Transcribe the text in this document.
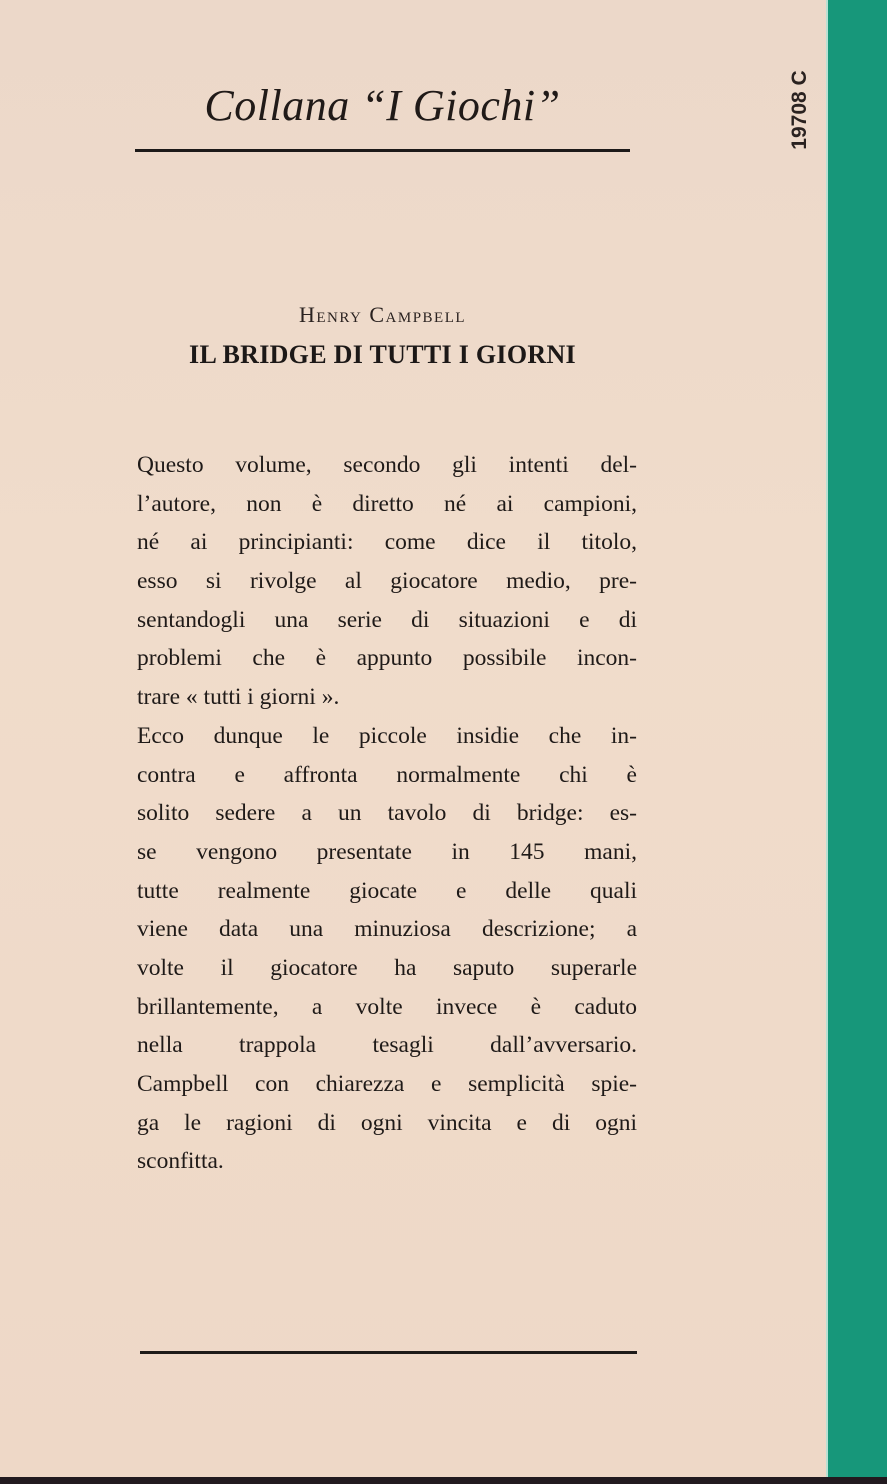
19708 C
Collana “I Giochi”
Henry Campbell
IL BRIDGE DI TUTTI I GIORNI
Questo volume, secondo gli intenti del-
l’autore, non è diretto né ai campioni,
né ai principianti: come dice il titolo,
esso si rivolge al giocatore medio, pre-
sentandogli una serie di situazioni e di
problemi che è appunto possibile incon-
trare « tutti i giorni ».
Ecco dunque le piccole insidie che in-
contra e affronta normalmente chi è
solito sedere a un tavolo di bridge: es-
se vengono presentate in 145 mani,
tutte realmente giocate e delle quali
viene data una minuziosa descrizione; a
volte il giocatore ha saputo superarle
brillantemente, a volte invece è caduto
nella trappola tesagli dall’avversario.
Campbell con chiarezza e semplicità spie-
ga le ragioni di ogni vincita e di ogni
sconfitta.
